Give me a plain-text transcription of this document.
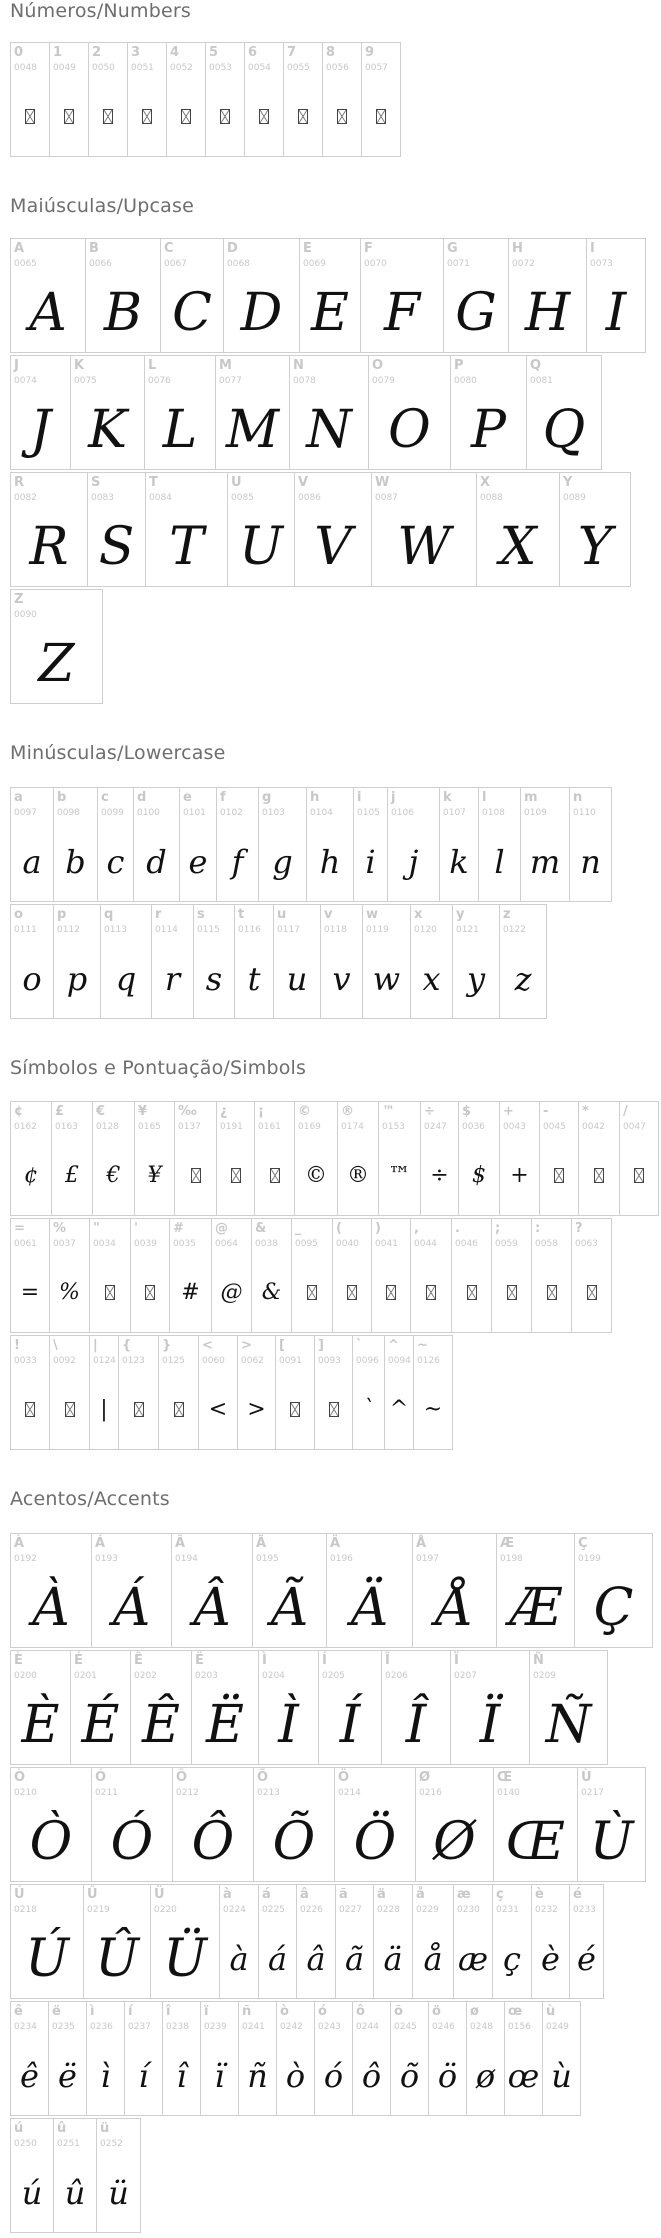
Números/Numbers
0
0048
1
0049
2
0050
3
0051
4
0052
5
0053
6
0054
7
0055
8
0056
9
0057
Maiúsculas/Upcase
A
0065
A
B
0066
B
C
0067
C
D
0068
D
E
0069
E
F
0070
F
G
0071
G
H
0072
H
I
0073
I
J
0074
J
K
0075
K
L
0076
L
M
0077
M
N
0078
N
O
0079
O
P
0080
P
Q
0081
Q
R
0082
R
S
0083
S
T
0084
T
U
0085
U
V
0086
V
W
0087
W
X
0088
X
Y
0089
Y
Z
0090
Z
Minúsculas/Lowercase
a
0097
a
b
0098
b
c
0099
c
d
0100
d
e
0101
e
f
0102
f
g
0103
g
h
0104
h
i
0105
i
j
0106
j
k
0107
k
l
0108
l
m
0109
m
n
0110
n
o
0111
o
p
0112
p
q
0113
q
r
0114
r
s
0115
s
t
0116
t
u
0117
u
v
0118
v
w
0119
w
x
0120
x
y
0121
y
z
0122
z
Símbolos e Pontuação/Simbols
¢
0162
¢
£
0163
£
€
0128
€
¥
0165
¥
‰
0137
¿
0191
¡
0161
©
0169
©
®
0174
®
™
0153
™
÷
0247
÷
$
0036
$
+
0043
+
-
0045
*
0042
/
0047
=
0061
=
%
0037
%
"
0034
'
0039
#
0035
#
@
0064
@
&
0038
&
_
0095
(
0040
)
0041
,
0044
.
0046
;
0059
:
0058
?
0063
!
0033
\
0092
|
0124
|
{
0123
}
0125
<
0060
<
>
0062
>
[
0091
]
0093
`
0096
`
^
0094
^
~
0126
~
Acentos/Accents
À
0192
À
Á
0193
Á
Â
0194
Â
Ã
0195
Ã
Ä
0196
Ä
Å
0197
Å
Æ
0198
Æ
Ç
0199
Ç
È
0200
È
É
0201
É
Ê
0202
Ê
Ë
0203
Ë
Ì
0204
Ì
Í
0205
Í
Î
0206
Î
Ï
0207
Ï
Ñ
0209
Ñ
Ò
0210
Ò
Ó
0211
Ó
Ô
0212
Ô
Õ
0213
Õ
Ö
0214
Ö
Ø
0216
Ø
Œ
0140
Œ
Ù
0217
Ù
Ú
0218
Ú
Û
0219
Û
Ü
0220
Ü
à
0224
à
á
0225
á
â
0226
â
ã
0227
ã
ä
0228
ä
å
0229
å
æ
0230
æ
ç
0231
ç
è
0232
è
é
0233
é
ê
0234
ê
ë
0235
ë
ì
0236
ì
í
0237
í
î
0238
î
ï
0239
ï
ñ
0241
ñ
ò
0242
ò
ó
0243
ó
ô
0244
ô
õ
0245
õ
ö
0246
ö
ø
0248
ø
œ
0156
œ
ù
0249
ù
ú
0250
ú
û
0251
û
ü
0252
ü
